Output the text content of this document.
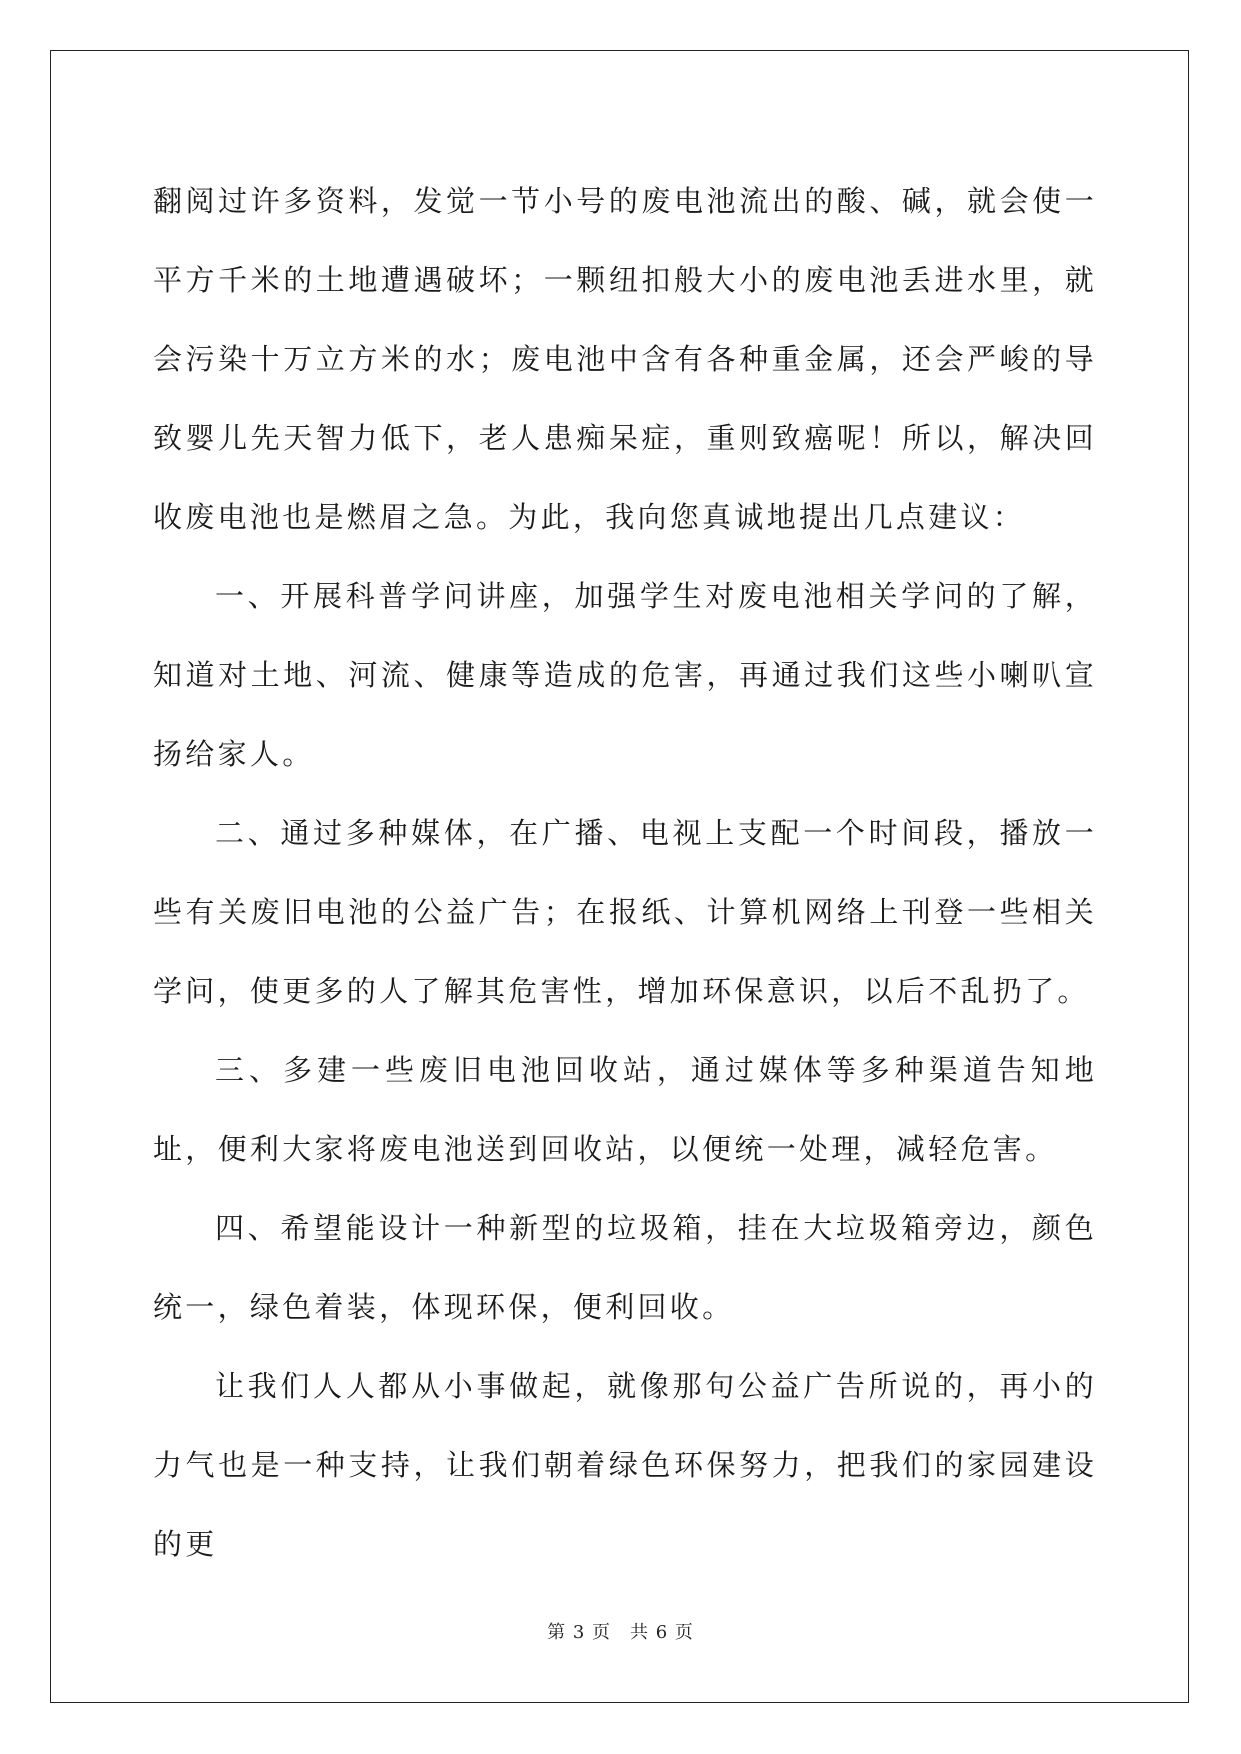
翻阅过许多资料，发觉一节小号的废电池流出的酸、碱，就会使一平方千米的土地遭遇破坏；一颗纽扣般大小的废电池丢进水里，就会污染十万立方米的水；废电池中含有各种重金属，还会严峻的导致婴儿先天智力低下，老人患痴呆症，重则致癌呢！所以，解决回收废电池也是燃眉之急。为此，我向您真诚地提出几点建议：

一、开展科普学问讲座，加强学生对废电池相关学问的了解，知道对土地、河流、健康等造成的危害，再通过我们这些小喇叭宣扬给家人。

二、通过多种媒体，在广播、电视上支配一个时间段，播放一些有关废旧电池的公益广告；在报纸、计算机网络上刊登一些相关学问，使更多的人了解其危害性，增加环保意识，以后不乱扔了。

三、多建一些废旧电池回收站，通过媒体等多种渠道告知地址，便利大家将废电池送到回收站，以便统一处理，减轻危害。

四、希望能设计一种新型的垃圾箱，挂在大垃圾箱旁边，颜色统一，绿色着装，体现环保，便利回收。

让我们人人都从小事做起，就像那句公益广告所说的，再小的力气也是一种支持，让我们朝着绿色环保努力，把我们的家园建设的更

第 3 页　共 6 页
